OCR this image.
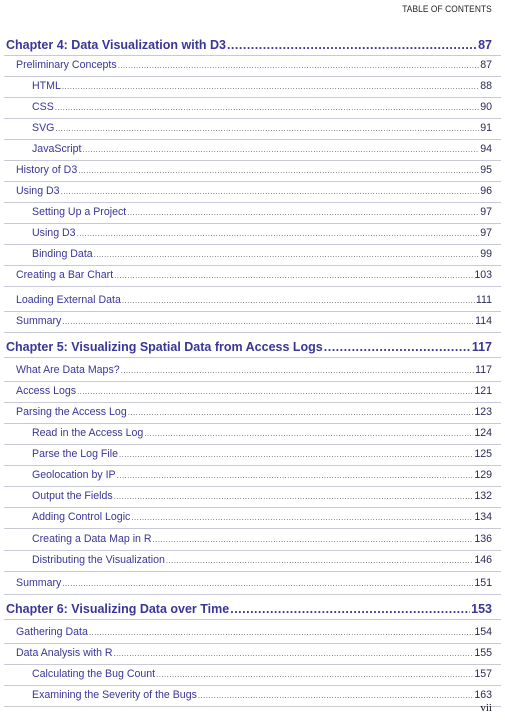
TABLE OF CONTENTS
Chapter 4: Data Visualization with D3 .....	87
Preliminary Concepts .....	87
HTML .....	88
CSS .....	90
SVG .....	91
JavaScript .....	94
History of D3 .....	95
Using D3 .....	96
Setting Up a Project .....	97
Using D3 .....	97
Binding Data .....	99
Creating a Bar Chart .....	103
Loading External Data .....	111
Summary .....	114
Chapter 5: Visualizing Spatial Data from Access Logs .....	117
What Are Data Maps? .....	117
Access Logs .....	121
Parsing the Access Log .....	123
Read in the Access Log .....	124
Parse the Log File .....	125
Geolocation by IP .....	129
Output the Fields .....	132
Adding Control Logic .....	134
Creating a Data Map in R .....	136
Distributing the Visualization .....	146
Summary .....	151
Chapter 6: Visualizing Data over Time .....	153
Gathering Data .....	154
Data Analysis with R .....	155
Calculating the Bug Count .....	157
Examining the Severity of the Bugs .....	163
vii
